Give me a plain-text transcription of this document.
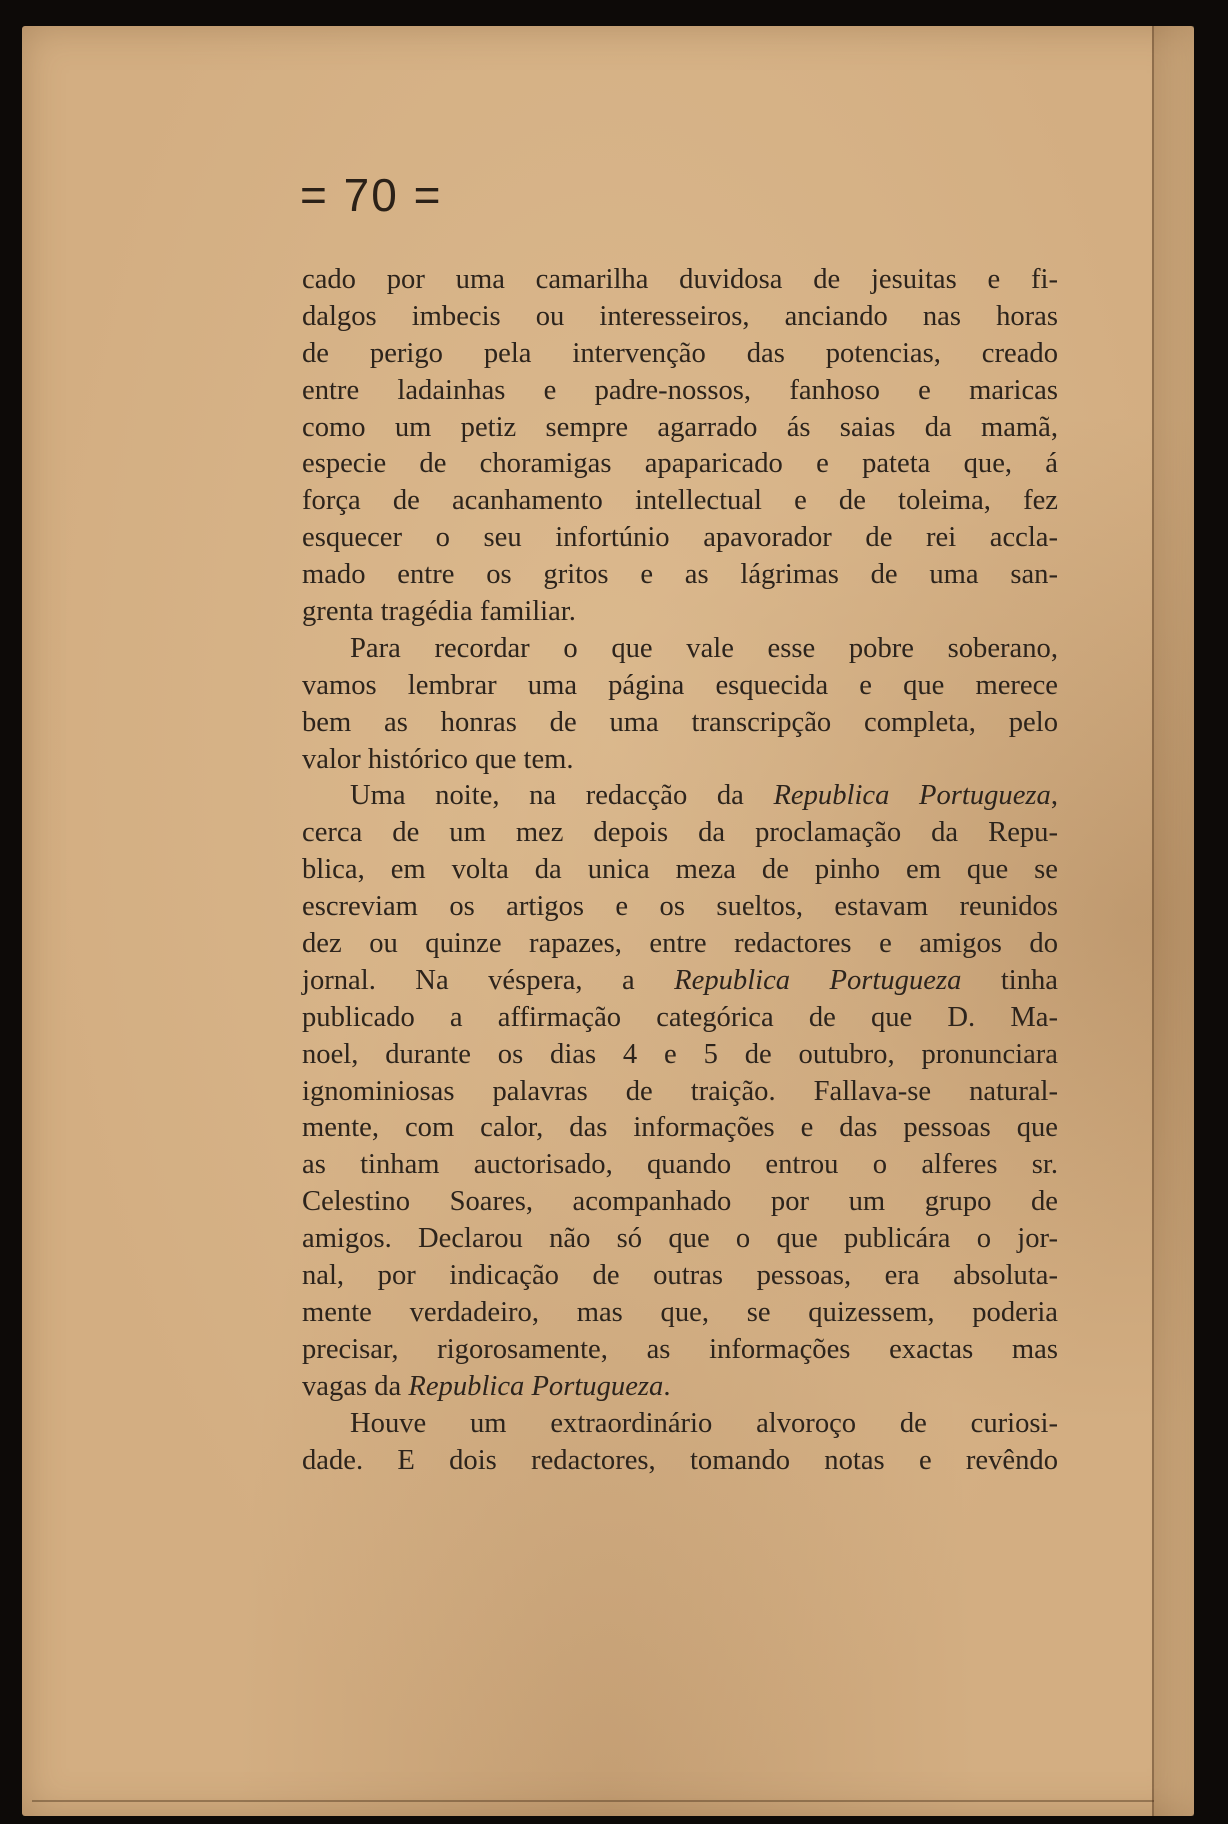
= 70 =
cado por uma camarilha duvidosa de jesuitas e fi-
dalgos imbecis ou interesseiros, anciando nas horas
de perigo pela intervenção das potencias, creado
entre ladainhas e padre-nossos, fanhoso e maricas
como um petiz sempre agarrado ás saias da mamã,
especie de choramigas apaparicado e pateta que, á
força de acanhamento intellectual e de toleima, fez
esquecer o seu infortúnio apavorador de rei accla-
mado entre os gritos e as lágrimas de uma san-
grenta tragédia familiar.
Para recordar o que vale esse pobre soberano,
vamos lembrar uma página esquecida e que merece
bem as honras de uma transcripção completa, pelo
valor histórico que tem.
Uma noite, na redacção da Republica Portugueza,
cerca de um mez depois da proclamação da Repu-
blica, em volta da unica meza de pinho em que se
escreviam os artigos e os sueltos, estavam reunidos
dez ou quinze rapazes, entre redactores e amigos do
jornal. Na véspera, a Republica Portugueza tinha
publicado a affirmação categórica de que D. Ma-
noel, durante os dias 4 e 5 de outubro, pronunciara
ignominiosas palavras de traição. Fallava-se natural-
mente, com calor, das informações e das pessoas que
as tinham auctorisado, quando entrou o alferes sr.
Celestino Soares, acompanhado por um grupo de
amigos. Declarou não só que o que publicára o jor-
nal, por indicação de outras pessoas, era absoluta-
mente verdadeiro, mas que, se quizessem, poderia
precisar, rigorosamente, as informações exactas mas
vagas da Republica Portugueza.
Houve um extraordinário alvoroço de curiosi-
dade. E dois redactores, tomando notas e revêndo
